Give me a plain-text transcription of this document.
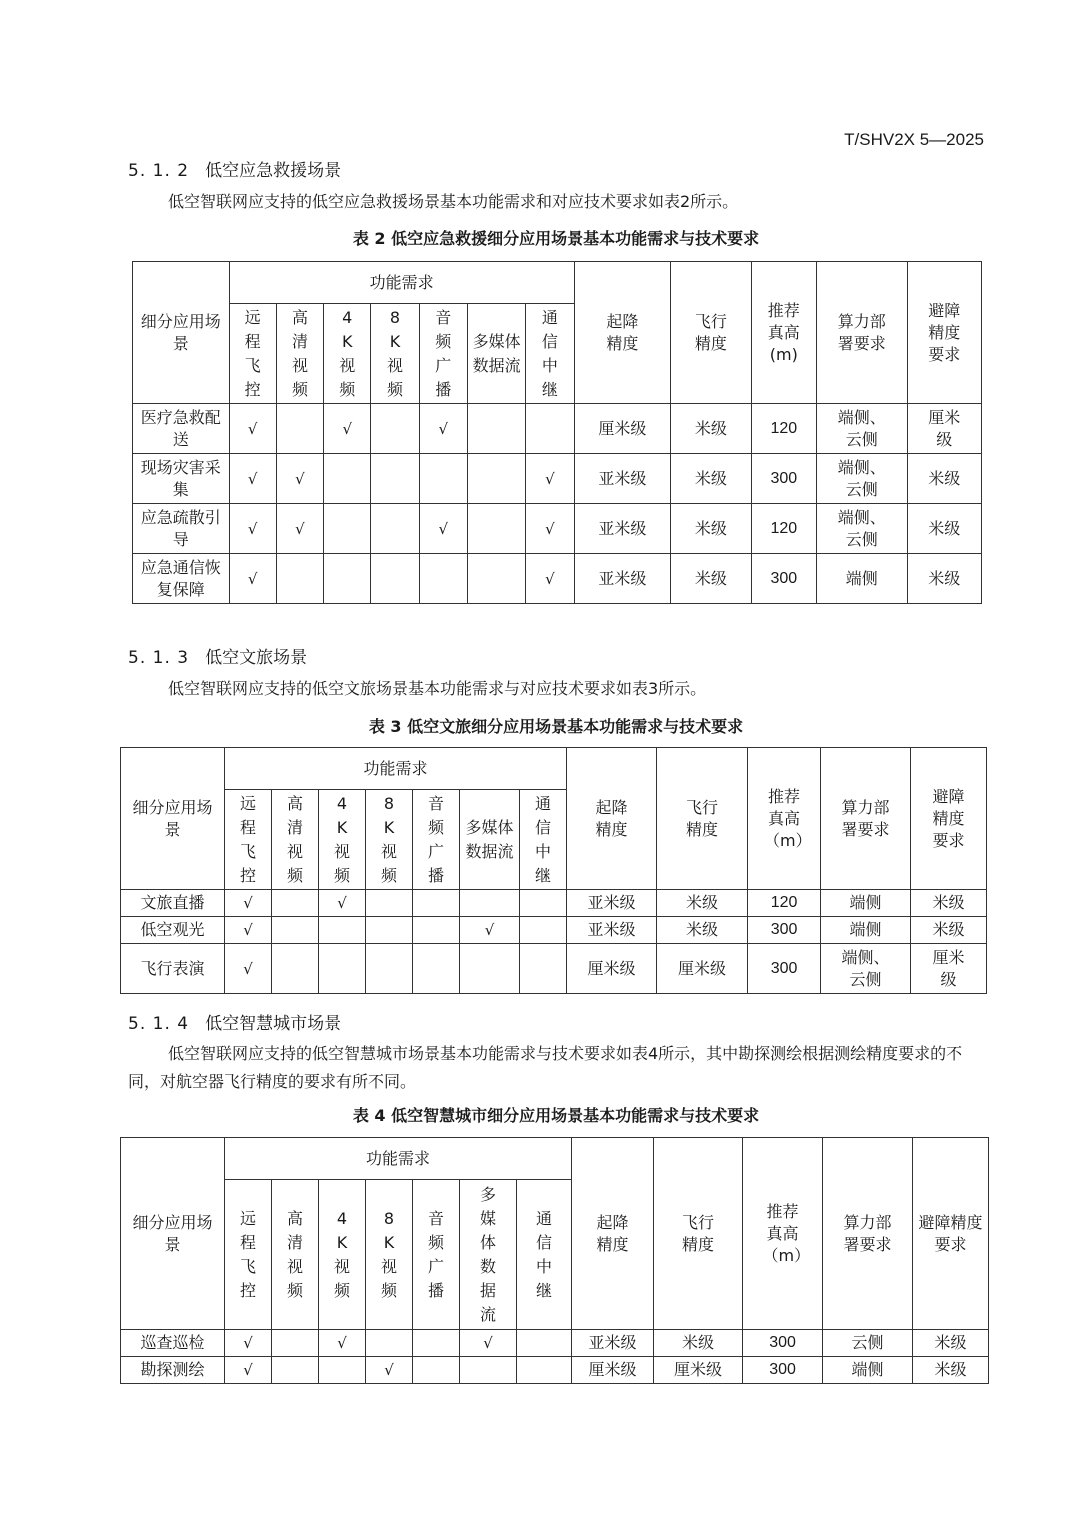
T/SHV2X 5—2025
5. 1. 2 低空应急救援场景
低空智联网应支持的低空应急救援场景基本功能需求和对应技术要求如表2所示。
表 2 低空应急救援细分应用场景基本功能需求与技术要求
细分应用场景	功能需求							起降精度	飞行精度	推荐真高(m)	算力部署要求	避障精度要求
	远程飞控	高清视频	4K视频	8K视频	音频广播	多媒体数据流	通信中继					
医疗急救配送	√		√		√			厘米级	米级	120	端侧、云侧	厘米级
现场灾害采集	√	√					√	亚米级	米级	300	端侧、云侧	米级
应急疏散引导	√	√			√		√	亚米级	米级	120	端侧、云侧	米级
应急通信恢复保障	√						√	亚米级	米级	300	端侧	米级
5. 1. 3 低空文旅场景
低空智联网应支持的低空文旅场景基本功能需求与对应技术要求如表3所示。
表 3 低空文旅细分应用场景基本功能需求与技术要求
细分应用场景	功能需求							起降精度	飞行精度	推荐真高（m）	算力部署要求	避障精度要求
	远程飞控	高清视频	4K视频	8K视频	音频广播	多媒体数据流	通信中继					
文旅直播	√		√					亚米级	米级	120	端侧	米级
低空观光	√					√		亚米级	米级	300	端侧	米级
飞行表演	√							厘米级	厘米级	300	端侧、云侧	厘米级
5. 1. 4 低空智慧城市场景
低空智联网应支持的低空智慧城市场景基本功能需求与技术要求如表4所示，其中勘探测绘根据测绘精度要求的不同，对航空器飞行精度的要求有所不同。
表 4 低空智慧城市细分应用场景基本功能需求与技术要求
细分应用场景	功能需求							起降精度	飞行精度	推荐真高（m）	算力部署要求	避障精度要求
	远程飞控	高清视频	4K视频	8K视频	音频广播	多媒体数据流	通信中继					
巡查巡检	√		√			√		亚米级	米级	300	云侧	米级
勘探测绘	√			√				厘米级	厘米级	300	端侧	米级
